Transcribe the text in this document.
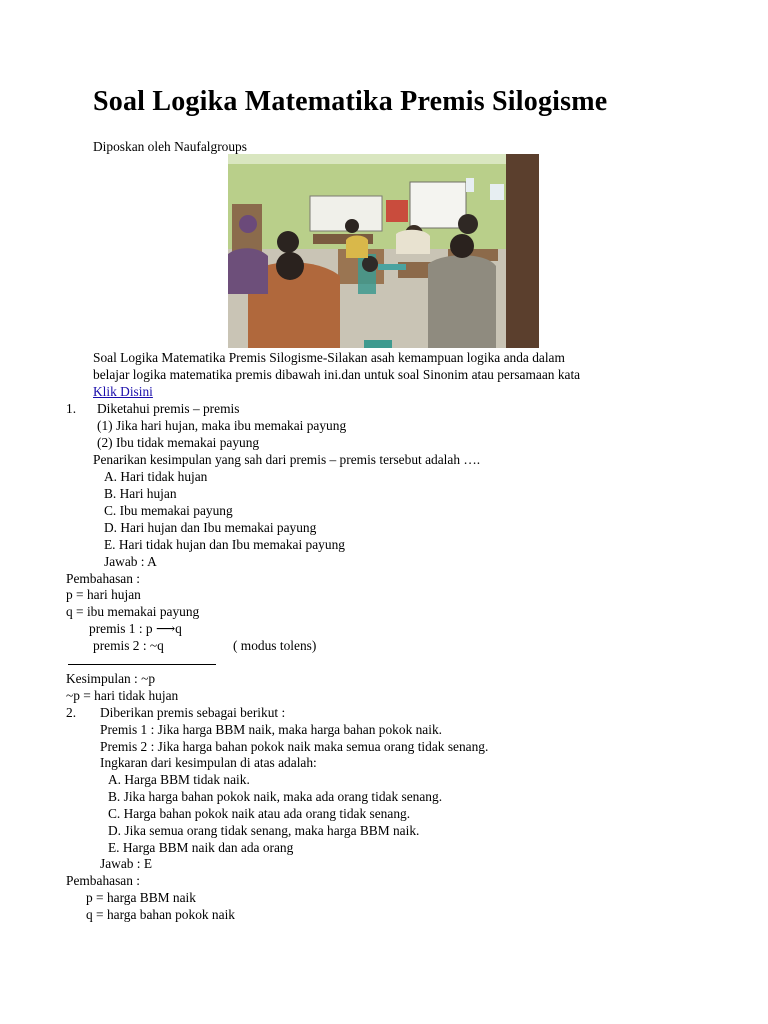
Soal Logika Matematika Premis Silogisme
Diposkan oleh Naufalgroups
Soal Logika Matematika Premis Silogisme-Silakan asah kemampuan logika anda dalam
belajar logika matematika premis dibawah ini.dan untuk soal Sinonim atau persamaan kata
Klik Disini
1. Diketahui premis – premis
(1) Jika hari hujan, maka ibu memakai payung
(2) Ibu tidak memakai payung
Penarikan kesimpulan yang sah dari premis – premis tersebut adalah ….
A. Hari tidak hujan
B. Hari hujan
C. Ibu memakai payung
D. Hari hujan dan Ibu memakai payung
E. Hari tidak hujan dan Ibu memakai payung
Jawab : A
Pembahasan :
p = hari hujan
q = ibu memakai payung
premis 1 : p ⟶q
premis 2 : ~q	( modus tolens)
Kesimpulan : ~p
~p = hari tidak hujan
2. Diberikan premis sebagai berikut :
Premis 1 : Jika harga BBM naik, maka harga bahan pokok naik.
Premis 2 : Jika harga bahan pokok naik maka semua orang tidak senang.
Ingkaran dari kesimpulan di atas adalah:
A. Harga BBM tidak naik.
B. Jika harga bahan pokok naik, maka ada orang tidak senang.
C. Harga bahan pokok naik atau ada orang tidak senang.
D. Jika semua orang tidak senang, maka harga BBM naik.
E. Harga BBM naik dan ada orang
Jawab : E
Pembahasan :
p = harga BBM naik
q = harga bahan pokok naik
